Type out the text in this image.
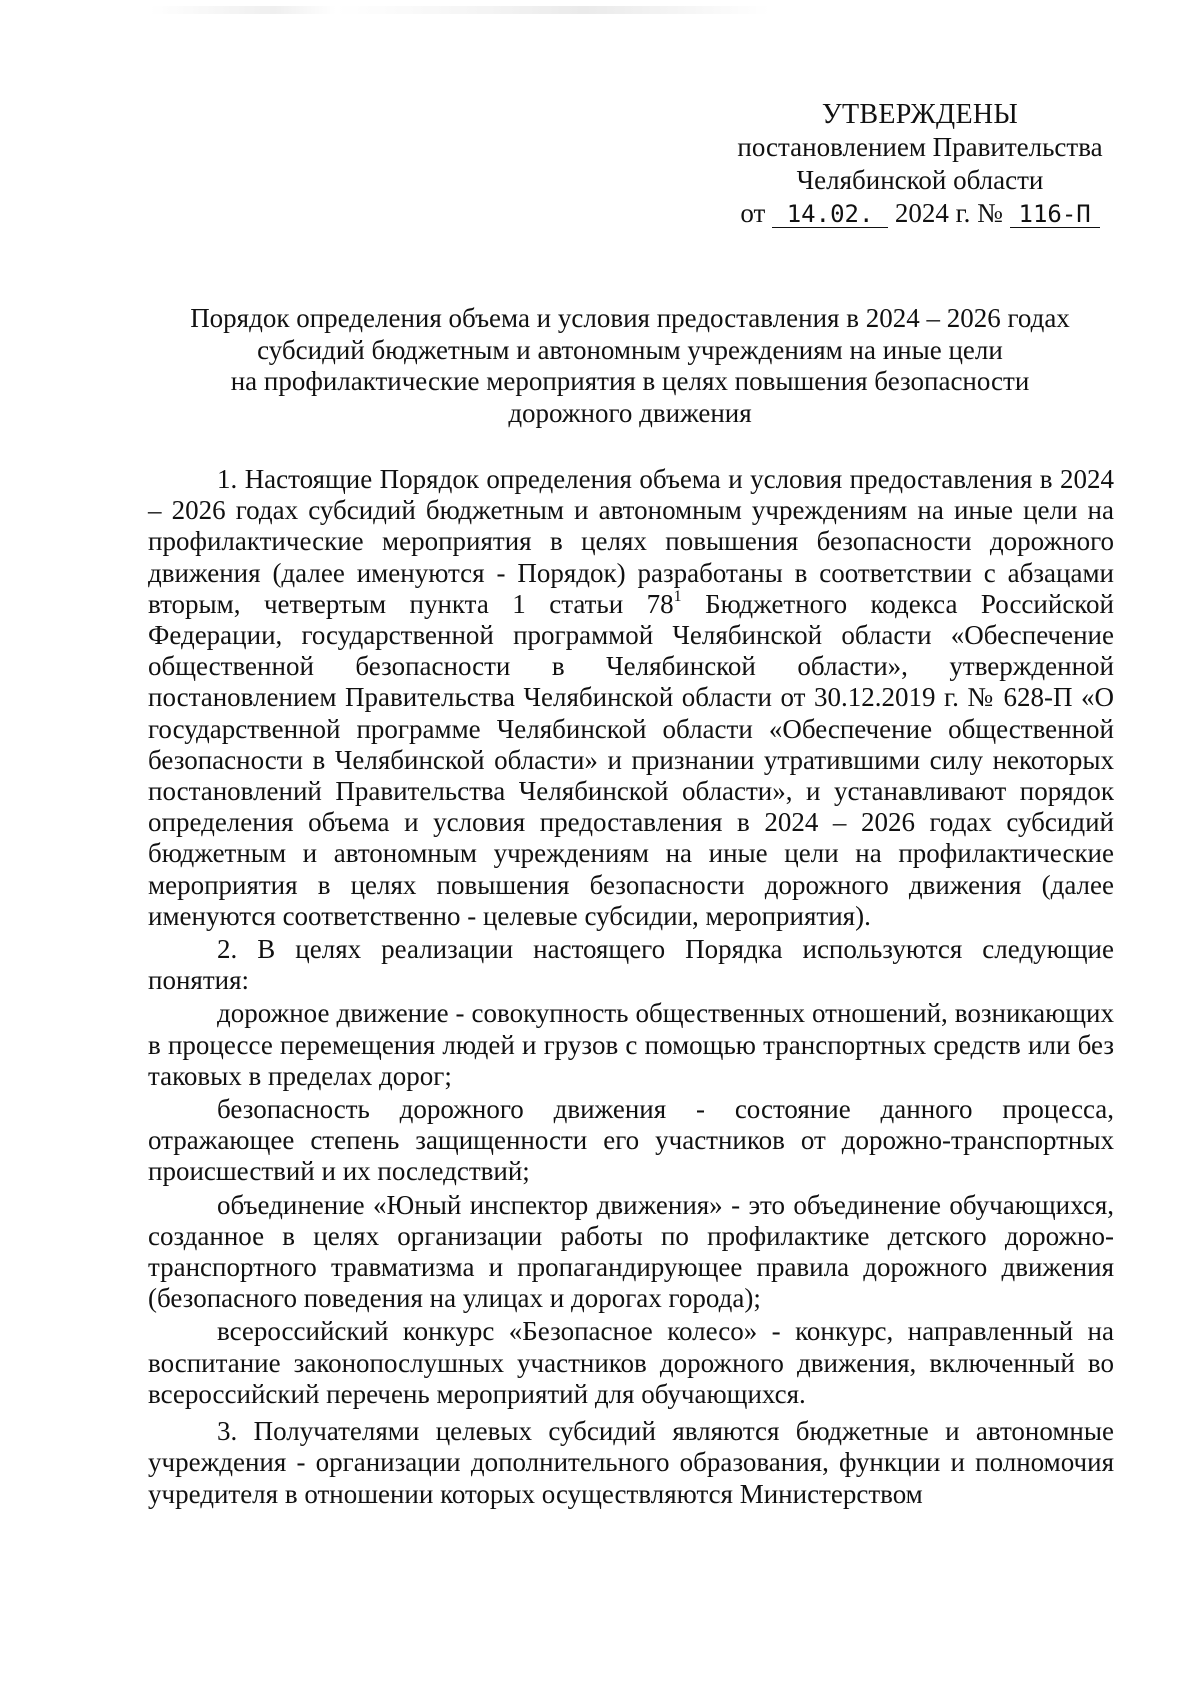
УТВЕРЖДЕНЫ
постановлением Правительства
Челябинской области
от 14.02. 2024 г. № 116-П
Порядок определения объема и условия предоставления в 2024 – 2026 годах
субсидий бюджетным и автономным учреждениям на иные цели
на профилактические мероприятия в целях повышения безопасности
дорожного движения

1. Настоящие Порядок определения объема и условия предоставления в 2024 – 2026 годах субсидий бюджетным и автономным учреждениям на иные цели на профилактические мероприятия в целях повышения безопасности дорожного движения (далее именуются - Порядок) разработаны в соответствии с абзацами вторым, четвертым пункта 1 статьи $78^1$ Бюджетного кодекса Российской Федерации, государственной программой Челябинской области «Обеспечение общественной безопасности в Челябинской области», утвержденной постановлением Правительства Челябинской области от 30.12.2019 г. № 628-П «О государственной программе Челябинской области «Обеспечение общественной безопасности в Челябинской области» и признании утратившими силу некоторых постановлений Правительства Челябинской области», и устанавливают порядок определения объема и условия предоставления в 2024 – 2026 годах субсидий бюджетным и автономным учреждениям на иные цели на профилактические мероприятия в целях повышения безопасности дорожного движения (далее именуются соответственно - целевые субсидии, мероприятия).

2. В целях реализации настоящего Порядка используются следующие понятия:

дорожное движение - совокупность общественных отношений, возникающих в процессе перемещения людей и грузов с помощью транспортных средств или без таковых в пределах дорог;

безопасность дорожного движения - состояние данного процесса, отражающее степень защищенности его участников от дорожно-транспортных происшествий и их последствий;

объединение «Юный инспектор движения» - это объединение обучающихся, созданное в целях организации работы по профилактике детского дорожно-транспортного травматизма и пропагандирующее правила дорожного движения (безопасного поведения на улицах и дорогах города);

всероссийский конкурс «Безопасное колесо» - конкурс, направленный на воспитание законопослушных участников дорожного движения, включенный во всероссийский перечень мероприятий для обучающихся.

3. Получателями целевых субсидий являются бюджетные и автономные учреждения - организации дополнительного образования, функции и полномочия учредителя в отношении которых осуществляются Министерством
